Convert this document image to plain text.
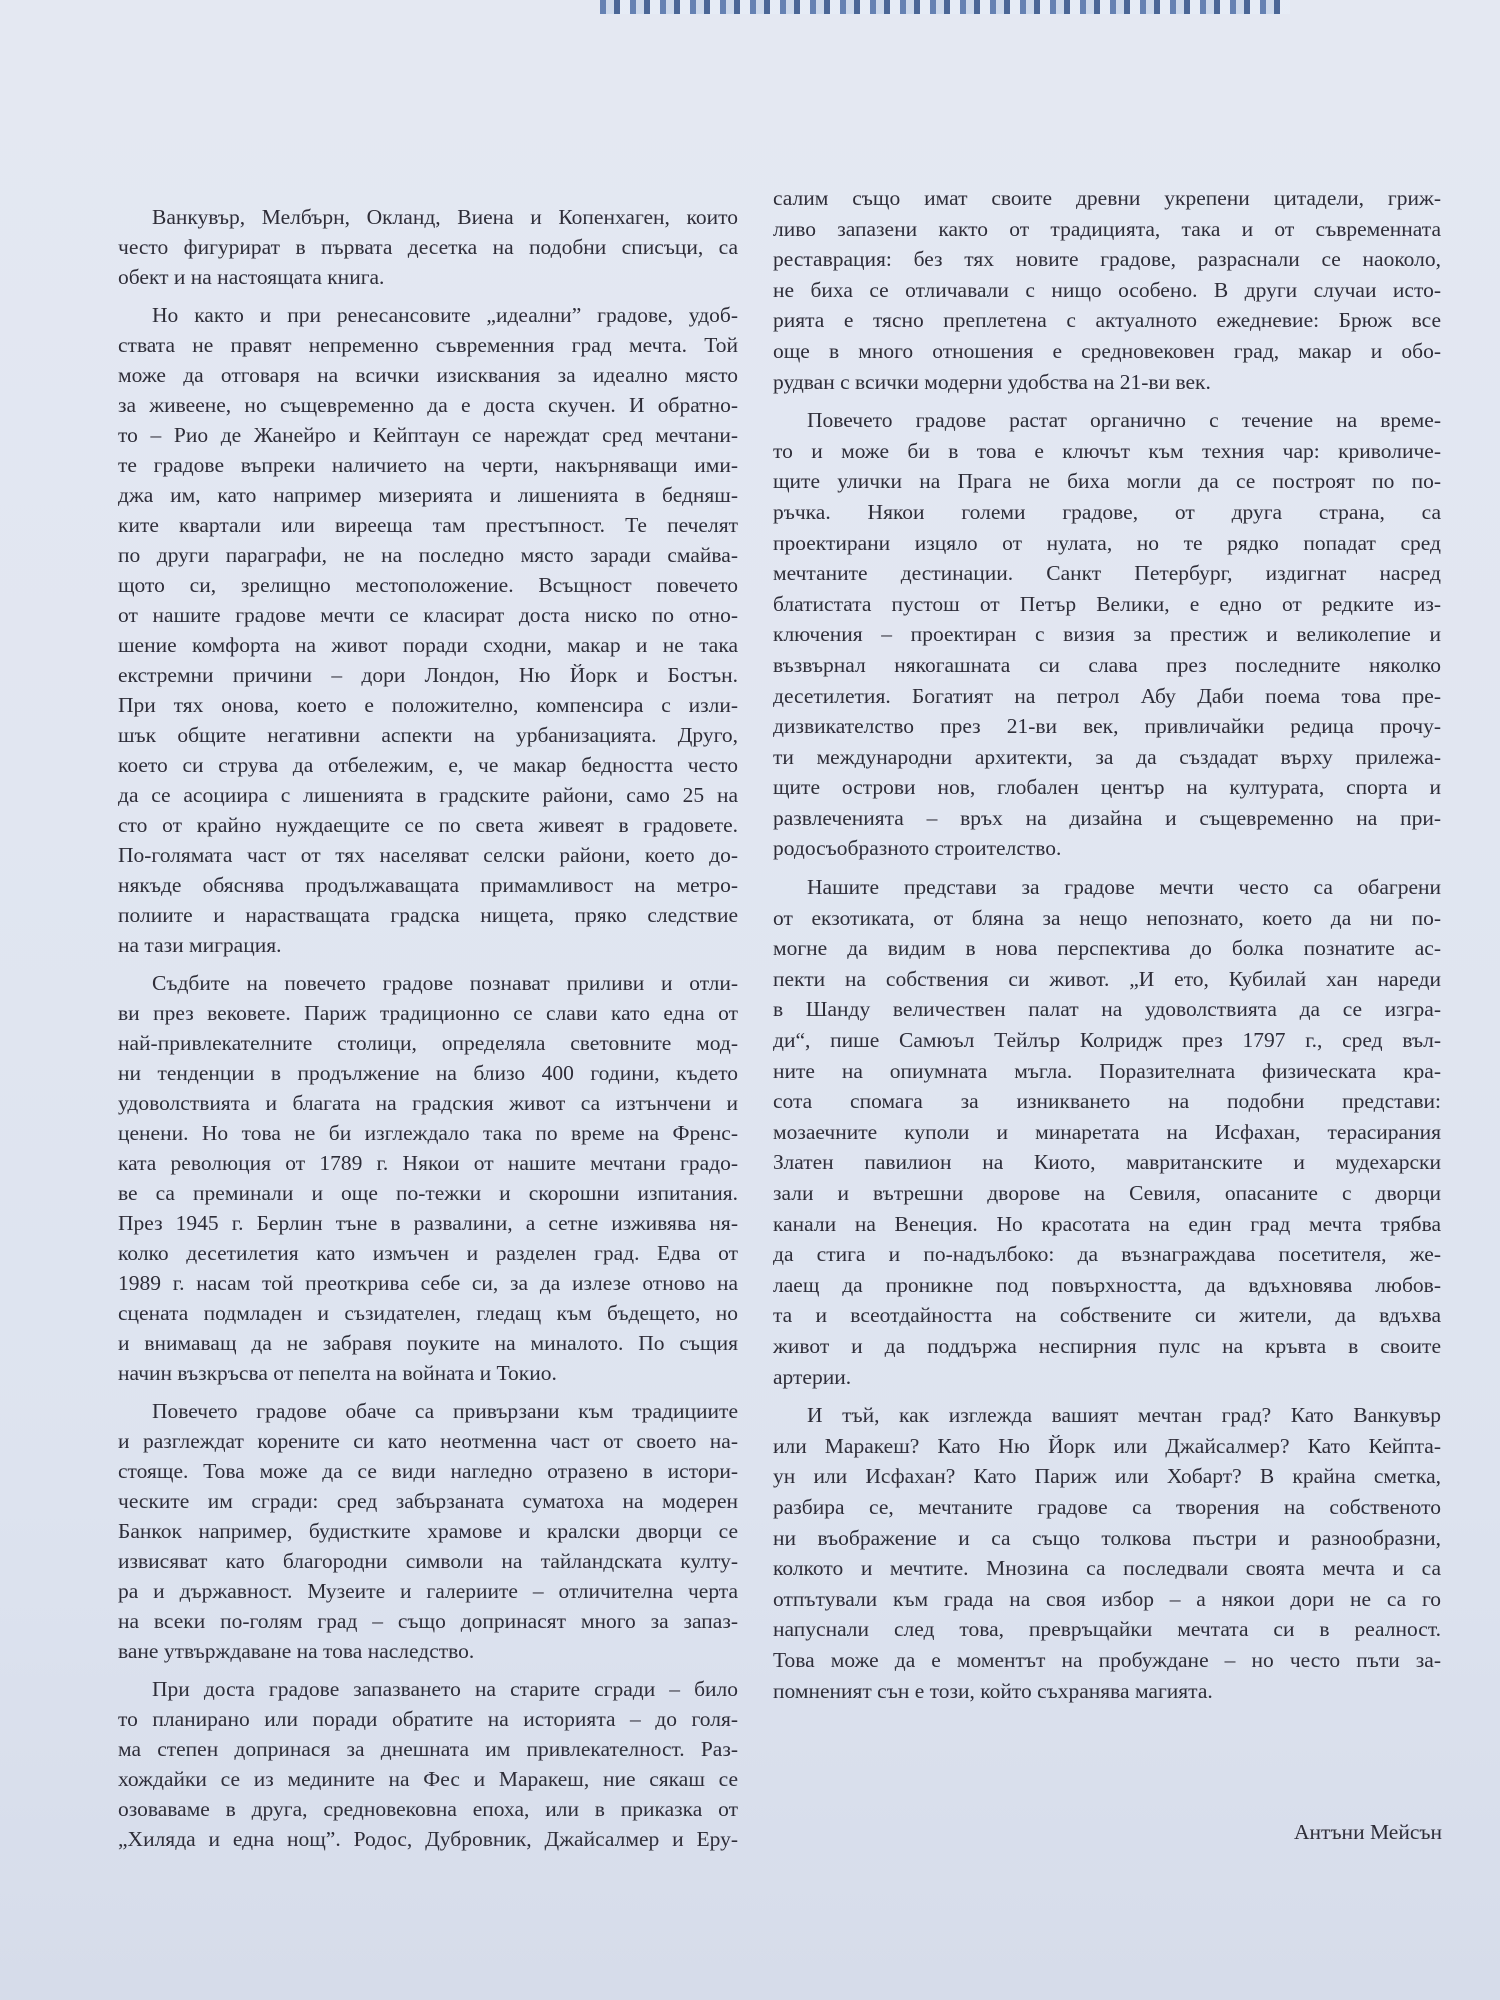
Ванкувър, Мелбърн, Окланд, Виена и Копенхаген, които
често фигурират в първата десетка на подобни списъци, са
обект и на настоящата книга.
Но както и при ренесансовите „идеални” градове, удоб-
ствата не правят непременно съвременния град мечта. Той
може да отговаря на всички изисквания за идеално място
за живеене, но същевременно да е доста скучен. И обратно-
то – Рио де Жанейро и Кейптаун се нареждат сред мечтани-
те градове въпреки наличието на черти, накърняващи ими-
джа им, като например мизерията и лишенията в бедняш-
ките квартали или вирееща там престъпност. Те печелят
по други параграфи, не на последно място заради смайва-
щото си, зрелищно местоположение. Всъщност повечето
от нашите градове мечти се класират доста ниско по отно-
шение комфорта на живот поради сходни, макар и не така
екстремни причини – дори Лондон, Ню Йорк и Бостън.
При тях онова, което е положително, компенсира с изли-
шък общите негативни аспекти на урбанизацията. Друго,
което си струва да отбележим, е, че макар бедността често
да се асоциира с лишенията в градските райони, само 25 на
сто от крайно нуждаещите се по света живеят в градовете.
По-голямата част от тях населяват селски райони, което до-
някъде обяснява продължаващата примамливост на метро-
полиите и нарастващата градска нищета, пряко следствие
на тази миграция.
Съдбите на повечето градове познават приливи и отли-
ви през вековете. Париж традиционно се слави като една от
най-привлекателните столици, определяла световните мод-
ни тенденции в продължение на близо 400 години, където
удоволствията и благата на градския живот са изтънчени и
ценени. Но това не би изглеждало така по време на Френс-
ката революция от 1789 г. Някои от нашите мечтани градо-
ве са преминали и още по-тежки и скорошни изпитания.
През 1945 г. Берлин тъне в развалини, а сетне изживява ня-
колко десетилетия като измъчен и разделен град. Едва от
1989 г. насам той преоткрива себе си, за да излезе отново на
сцената подмладен и съзидателен, гледащ към бъдещето, но
и внимаващ да не забравя поуките на миналото. По същия
начин възкръсва от пепелта на войната и Токио.
Повечето градове обаче са привързани към традициите
и разглеждат корените си като неотменна част от своето на-
стояще. Това може да се види нагледно отразено в истори-
ческите им сгради: сред забързаната суматоха на модерен
Банкок например, будистките храмове и кралски дворци се
извисяват като благородни символи на тайландската култу-
ра и държавност. Музеите и галериите – отличителна черта
на всеки по-голям град – също допринасят много за запаз-
ване утвърждаване на това наследство.
При доста градове запазването на старите сгради – било
то планирано или поради обратите на историята – до голя-
ма степен допринася за днешната им привлекателност. Раз-
хождайки се из медините на Фес и Маракеш, ние сякаш се
озоваваме в друга, средновековна епоха, или в приказка от
„Хиляда и една нощ”. Родос, Дубровник, Джайсалмер и Еру-
салим също имат своите древни укрепени цитадели, гриж-
ливо запазени както от традицията, така и от съвременната
реставрация: без тях новите градове, разраснали се наоколо,
не биха се отличавали с нищо особено. В други случаи исто-
рията е тясно преплетена с актуалното ежедневие: Брюж все
още в много отношения е средновековен град, макар и обо-
рудван с всички модерни удобства на 21-ви век.
Повечето градове растат органично с течение на време-
то и може би в това е ключът към техния чар: криволиче-
щите улички на Прага не биха могли да се построят по по-
ръчка. Някои големи градове, от друга страна, са
проектирани изцяло от нулата, но те рядко попадат сред
мечтаните дестинации. Санкт Петербург, издигнат насред
блатистата пустош от Петър Велики, е едно от редките из-
ключения – проектиран с визия за престиж и великолепие и
възвърнал някогашната си слава през последните няколко
десетилетия. Богатият на петрол Абу Даби поема това пре-
дизвикателство през 21-ви век, привличайки редица прочу-
ти международни архитекти, за да създадат върху прилежа-
щите острови нов, глобален център на културата, спорта и
развлеченията – връх на дизайна и същевременно на при-
родосъобразното строителство.
Нашите представи за градове мечти често са обагрени
от екзотиката, от бляна за нещо непознато, което да ни по-
могне да видим в нова перспектива до болка познатите ас-
пекти на собствения си живот. „И ето, Кубилай хан нареди
в Шанду величествен палат на удоволствията да се изгра-
ди“, пише Самюъл Тейлър Колридж през 1797 г., сред въл-
ните на опиумната мъгла. Поразителната физическата кра-
сота спомага за изникването на подобни представи:
мозаечните куполи и минаретата на Исфахан, терасирания
Златен павилион на Киото, мавританските и мудехарски
зали и вътрешни дворове на Севиля, опасаните с дворци
канали на Венеция. Но красотата на един град мечта трябва
да стига и по-надълбоко: да възнаграждава посетителя, же-
лаещ да проникне под повърхността, да вдъхновява любов-
та и всеотдайността на собствените си жители, да вдъхва
живот и да поддържа неспирния пулс на кръвта в своите
артерии.
И тъй, как изглежда вашият мечтан град? Като Ванкувър
или Маракеш? Като Ню Йорк или Джайсалмер? Като Кейпта-
ун или Исфахан? Като Париж или Хобарт? В крайна сметка,
разбира се, мечтаните градове са творения на собственото
ни въображение и са също толкова пъстри и разнообразни,
колкото и мечтите. Мнозина са последвали своята мечта и са
отпътували към града на своя избор – а някои дори не са го
напуснали след това, превръщайки мечтата си в реалност.
Това може да е моментът на пробуждане – но често пъти за-
помненият сън е този, който съхранява магията.
Антъни Мейсън
